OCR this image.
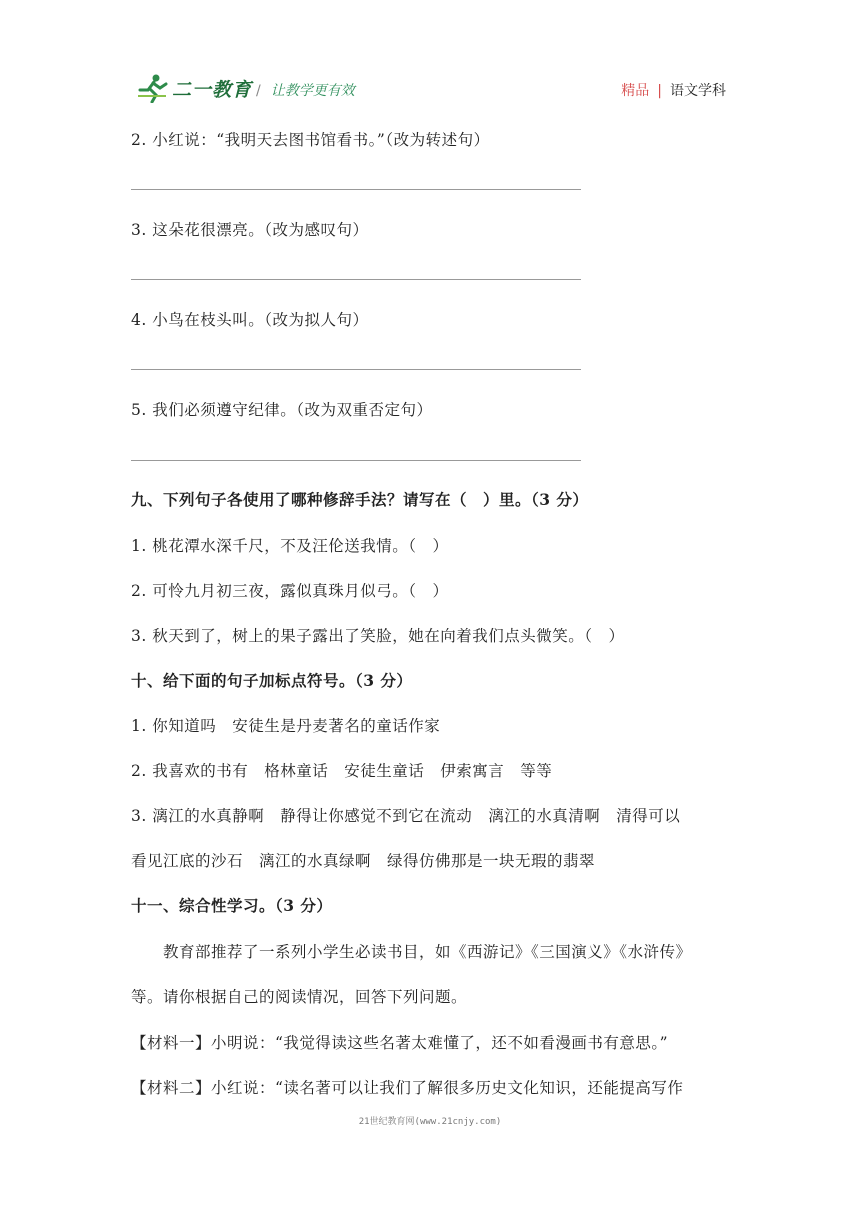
二一教育 / 让教学更有效	精品 | 语文学科
2. 小红说：“我明天去图书馆看书。”（改为转述句）
3. 这朵花很漂亮。（改为感叹句）
4. 小鸟在枝头叫。（改为拟人句）
5. 我们必须遵守纪律。（改为双重否定句）
九、下列句子各使用了哪种修辞手法？请写在（　）里。（3 分）
1. 桃花潭水深千尺，不及汪伦送我情。（　）
2. 可怜九月初三夜，露似真珠月似弓。（　）
3. 秋天到了，树上的果子露出了笑脸，她在向着我们点头微笑。（　）
十、给下面的句子加标点符号。（3 分）
1. 你知道吗　安徒生是丹麦著名的童话作家
2. 我喜欢的书有　格林童话　安徒生童话　伊索寓言　等等
3. 漓江的水真静啊　静得让你感觉不到它在流动　漓江的水真清啊　清得可以
看见江底的沙石　漓江的水真绿啊　绿得仿佛那是一块无瑕的翡翠
十一、综合性学习。（3 分）
　　教育部推荐了一系列小学生必读书目，如《西游记》《三国演义》《水浒传》
等。请你根据自己的阅读情况，回答下列问题。
【材料一】小明说：“我觉得读这些名著太难懂了，还不如看漫画书有意思。”
【材料二】小红说：“读名著可以让我们了解很多历史文化知识，还能提高写作
21世纪教育网(www.21cnjy.com)
